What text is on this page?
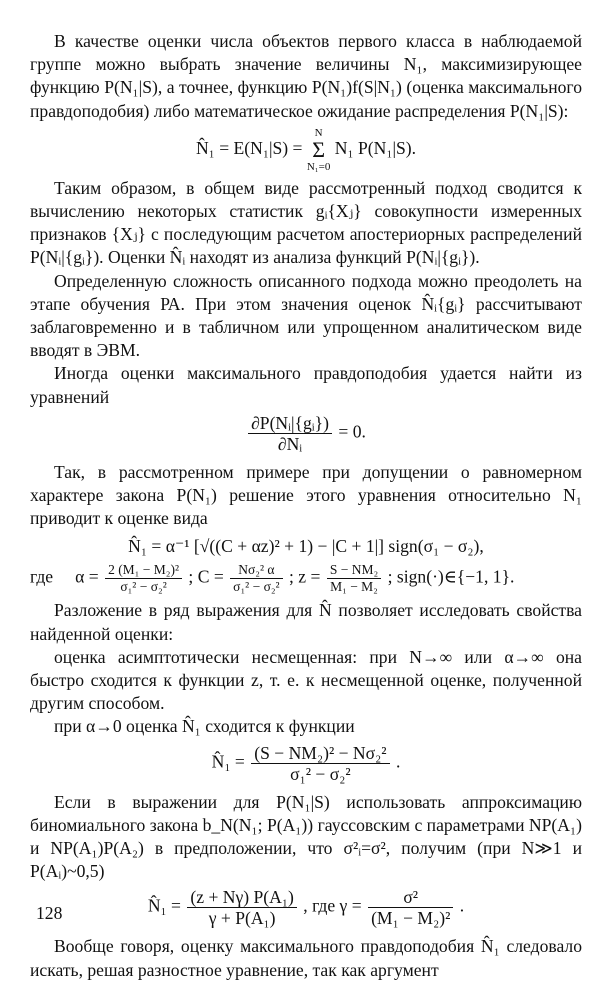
В качестве оценки числа объектов первого класса в наблюдаемой группе можно выбрать значение величины N₁, максимизирующее функцию P(N₁|S), а точнее, функцию P(N₁)f(S|N₁) (оценка максимального правдоподобия) либо математическое ожидание распределения P(N₁|S):

N̂₁ = E(N₁|S) =
N
Σ
N₁=0
N₁ P(N₁|S).

Таким образом, в общем виде рассмотренный подход сводится к вычислению некоторых статистик gᵢ{Xⱼ} совокупности измеренных признаков {Xⱼ} с последующим расчетом апостериорных распределений P(Nᵢ|{gᵢ}). Оценки N̂ᵢ находят из анализа функций P(Nᵢ|{gᵢ}).

Определенную сложность описанного подхода можно преодолеть на этапе обучения РА. При этом значения оценок N̂ᵢ{gᵢ} рассчитывают заблаговременно и в табличном или упрощенном аналитическом виде вводят в ЭВМ.

Иногда оценки максимального правдоподобия удается найти из уравнений

$\frac{\text{∂P(Nᵢ|\{gᵢ\})}}{\text{∂Nᵢ}} = 0$.

Так, в рассмотренном примере при допущении о равномерном характере закона P(N₁) решение этого уравнения относительно N₁ приводит к оценке вида

N̂₁ = α⁻¹ [√((C + αz)² + 1) − |C + 1|] sign(σ₁ − σ₂),
где $\alpha = \frac{\text{2 (M₁ − M₂)²}}{\text{σ₁² − σ₂²}}$ ; $C = \frac{\text{Nσ₂² α}}{\text{σ₁² − σ₂²}}$ ; $z = \frac{\text{S − NM₂}}{\text{M₁ − M₂}}$ ; sign(·)∈{−1, 1}.

Разложение в ряд выражения для N̂ позволяет исследовать свойства найденной оценки:

оценка асимптотически несмещенная: при N→∞ или α→∞ она быстро сходится к функции z, т. е. к несмещенной оценке, полученной другим способом.

при α→0 оценка N̂₁ сходится к функции

N̂₁ = $\frac{\text{(S − NM₂)² − Nσ₂²}}{\text{σ₁² − σ₂²}}$ .

Если в выражении для P(N₁|S) использовать аппроксимацию биномиального закона b_N(N₁; P(A₁)) гауссовским с параметрами NP(A₁) и NP(A₁)P(A₂) в предположении, что σ²ᵢ=σ², получим (при N≫1 и P(Aᵢ)~0,5)

N̂₁ = $\frac{\text{(z + Nγ) P(A₁)}}{\text{γ + P(A₁)}}$ , где $\gamma = \frac{\text{σ²}}{\text{(M₁ − M₂)²}}$ .

Вообще говоря, оценку максимального правдоподобия N̂₁ следовало искать, решая разностное уравнение, так как аргумент

128
